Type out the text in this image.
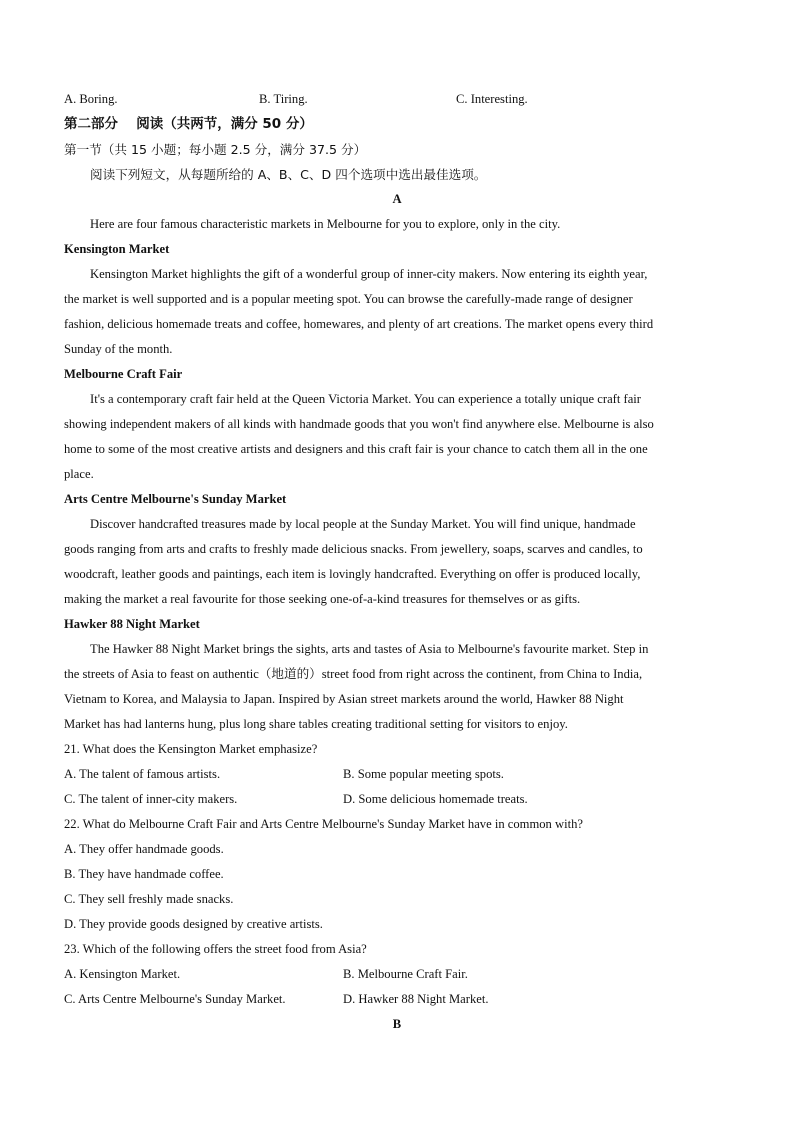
A. Boring.	B. Tiring.	C. Interesting.
第二部分　 阅读（共两节，满分 50 分）
第一节（共 15 小题；每小题 2.5 分，满分 37.5 分）
阅读下列短文，从每题所给的 A、B、C、D 四个选项中选出最佳选项。
A
Here are four famous characteristic markets in Melbourne for you to explore, only in the city.
Kensington Market
Kensington Market highlights the gift of a wonderful group of inner-city makers. Now entering its eighth year,
the market is well supported and is a popular meeting spot. You can browse the carefully-made range of designer
fashion, delicious homemade treats and coffee, homewares, and plenty of art creations. The market opens every third
Sunday of the month.
Melbourne Craft Fair
It's a contemporary craft fair held at the Queen Victoria Market. You can experience a totally unique craft fair
showing independent makers of all kinds with handmade goods that you won't find anywhere else. Melbourne is also
home to some of the most creative artists and designers and this craft fair is your chance to catch them all in the one
place.
Arts Centre Melbourne's Sunday Market
Discover handcrafted treasures made by local people at the Sunday Market. You will find unique, handmade
goods ranging from arts and crafts to freshly made delicious snacks. From jewellery, soaps, scarves and candles, to
woodcraft, leather goods and paintings, each item is lovingly handcrafted. Everything on offer is produced locally,
making the market a real favourite for those seeking one-of-a-kind treasures for themselves or as gifts.
Hawker 88 Night Market
The Hawker 88 Night Market brings the sights, arts and tastes of Asia to Melbourne's favourite market. Step in
the streets of Asia to feast on authentic（地道的）street food from right across the continent, from China to India,
Vietnam to Korea, and Malaysia to Japan. Inspired by Asian street markets around the world, Hawker 88 Night
Market has had lanterns hung, plus long share tables creating traditional setting for visitors to enjoy.
21. What does the Kensington Market emphasize?
A. The talent of famous artists.	B. Some popular meeting spots.
C. The talent of inner-city makers.	D. Some delicious homemade treats.
22. What do Melbourne Craft Fair and Arts Centre Melbourne's Sunday Market have in common with?
A. They offer handmade goods.
B. They have handmade coffee.
C. They sell freshly made snacks.
D. They provide goods designed by creative artists.
23. Which of the following offers the street food from Asia?
A. Kensington Market.	B. Melbourne Craft Fair.
C. Arts Centre Melbourne's Sunday Market.	D. Hawker 88 Night Market.
B
